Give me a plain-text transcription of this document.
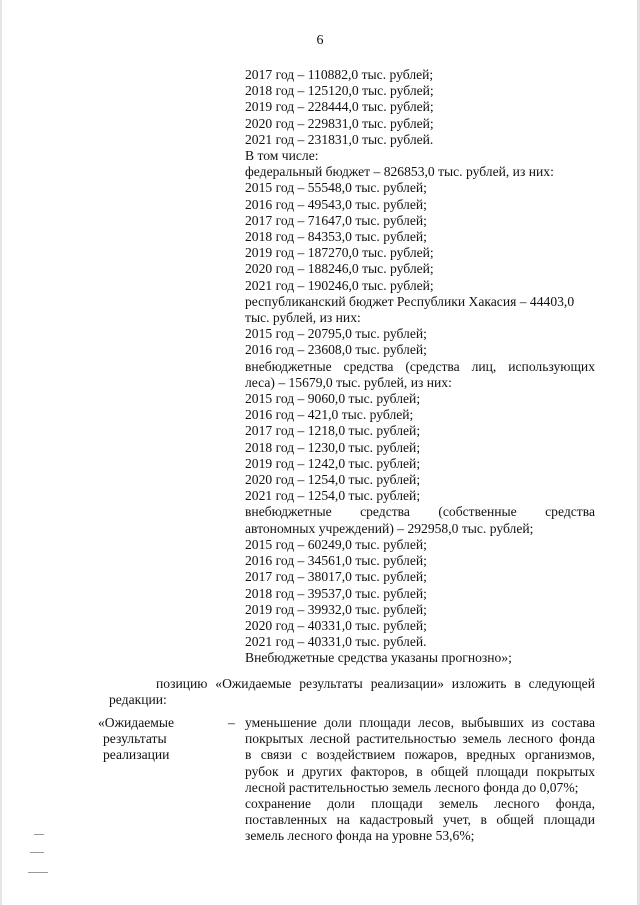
6
2017 год – 110882,0 тыс. рублей;
2018 год – 125120,0 тыс. рублей;
2019 год – 228444,0 тыс. рублей;
2020 год – 229831,0 тыс. рублей;
2021 год – 231831,0 тыс. рублей.
В том числе:
федеральный бюджет – 826853,0 тыс. рублей, из них:
2015 год – 55548,0 тыс. рублей;
2016 год – 49543,0 тыс. рублей;
2017 год – 71647,0 тыс. рублей;
2018 год – 84353,0 тыс. рублей;
2019 год – 187270,0 тыс. рублей;
2020 год – 188246,0 тыс. рублей;
2021 год – 190246,0 тыс. рублей;
республиканский бюджет Республики Хакасия – 44403,0
тыс. рублей, из них:
2015 год – 20795,0 тыс. рублей;
2016 год – 23608,0 тыс. рублей;
внебюджетные средства (средства лиц, использующих
леса) – 15679,0 тыс. рублей, из них:
2015 год – 9060,0 тыс. рублей;
2016 год – 421,0 тыс. рублей;
2017 год – 1218,0 тыс. рублей;
2018 год – 1230,0 тыс. рублей;
2019 год – 1242,0 тыс. рублей;
2020 год – 1254,0 тыс. рублей;
2021 год – 1254,0 тыс. рублей;
внебюджетные средства (собственные средства
автономных учреждений) – 292958,0 тыс. рублей;
2015 год – 60249,0 тыс. рублей;
2016 год – 34561,0 тыс. рублей;
2017 год – 38017,0 тыс. рублей;
2018 год – 39537,0 тыс. рублей;
2019 год – 39932,0 тыс. рублей;
2020 год – 40331,0 тыс. рублей;
2021 год – 40331,0 тыс. рублей.
Внебюджетные средства указаны прогнозно»;
позицию «Ожидаемые результаты реализации» изложить в следующей
редакции:
«Ожидаемые
результаты
реализации
– уменьшение доли площади лесов, выбывших из состава
покрытых лесной растительностью земель лесного фонда
в связи с воздействием пожаров, вредных организмов,
рубок и других факторов, в общей площади покрытых
лесной растительностью земель лесного фонда до 0,07%;
сохранение доли площади земель лесного фонда,
поставленных на кадастровый учет, в общей площади
земель лесного фонда на уровне 53,6%;
